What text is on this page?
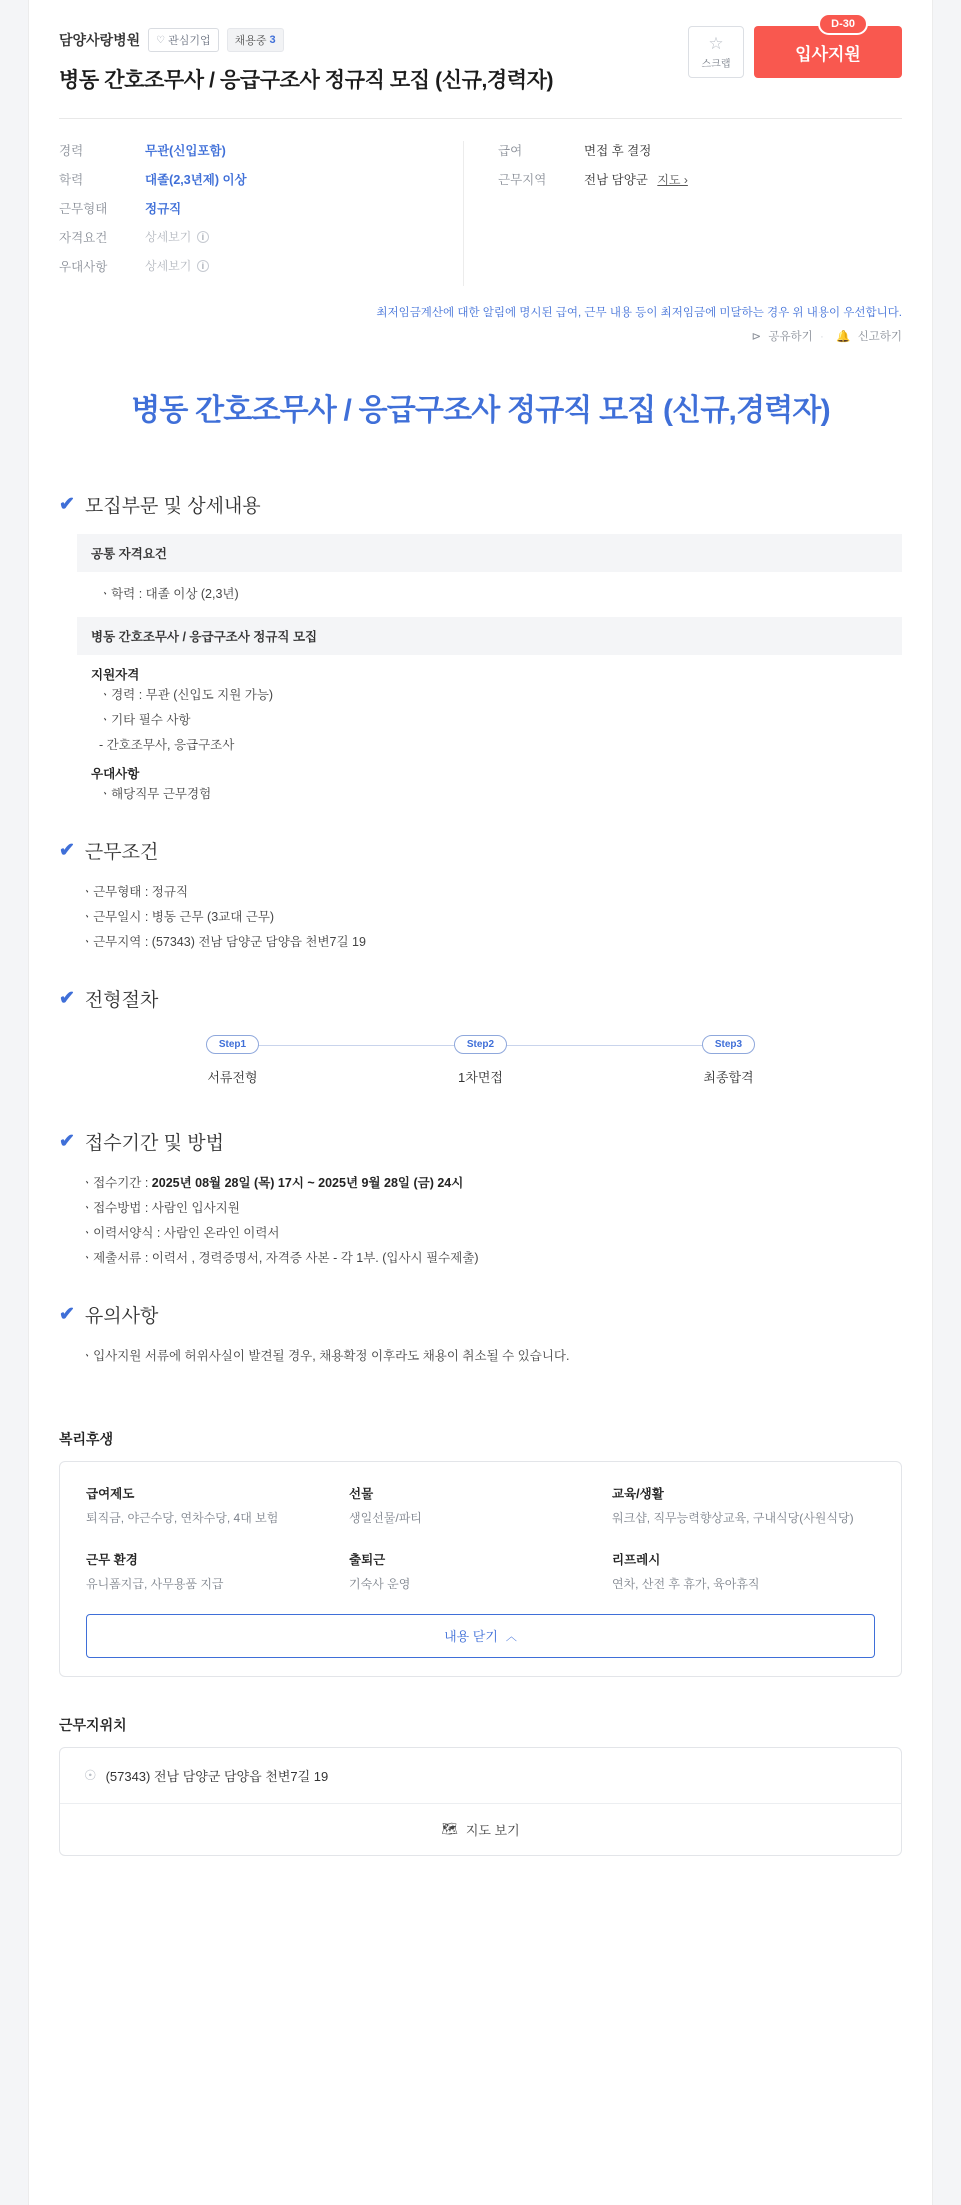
담양사랑병원 ♡ 관심기업 채용중 3
병동 간호조무사 / 응급구조사 정규직 모집 (신규,경력자)
☆
스크랩
입사지원
D-30
경력	무관(신입포함)
학력	대졸(2,3년제) 이상
근무형태	정규직
자격요건	상세보기 i
우대사항	상세보기 i
급여	면접 후 결정
근무지역	전남 담양군 지도 ›
최저임금계산에 대한 알림에 명시된 급여, 근무 내용 등이 최저임금에 미달하는 경우 위 내용이 우선합니다.
⊳ 공유하기 · 🔔 신고하기
병동 간호조무사 / 응급구조사 정규직 모집 (신규,경력자)
✔ 모집부문 및 상세내용
공통 자격요건
ㆍ학력 : 대졸 이상 (2,3년)
병동 간호조무사 / 응급구조사 정규직 모집
지원자격
ㆍ경력 : 무관 (신입도 지원 가능)
ㆍ기타 필수 사항
- 간호조무사, 응급구조사
우대사항
ㆍ해당직무 근무경험
✔ 근무조건
ㆍ근무형태 : 정규직
ㆍ근무일시 : 병동 근무 (3교대 근무)
ㆍ근무지역 : (57343) 전남 담양군 담양읍 천변7길 19
✔ 전형절차
Step1
서류전형
Step2
1차면접
Step3
최종합격
✔ 접수기간 및 방법
ㆍ접수기간 : 2025년 08월 28일 (목) 17시 ~ 2025년 9월 28일 (금) 24시
ㆍ접수방법 : 사람인 입사지원
ㆍ이력서양식 : 사람인 온라인 이력서
ㆍ제출서류 : 이력서 , 경력증명서, 자격증 사본 - 각 1부. (입사시 필수제출)
✔ 유의사항
ㆍ입사지원 서류에 허위사실이 발견될 경우, 채용확정 이후라도 채용이 취소될 수 있습니다.
복리후생
급여제도
퇴직금, 야근수당, 연차수당, 4대 보험
선물
생일선물/파티
교육/생활
워크샵, 직무능력향상교육, 구내식당(사원식당)
근무 환경
유니폼지급, 사무용품 지급
출퇴근
기숙사 운영
리프레시
연차, 산전 후 휴가, 육아휴직
내용 닫기 ︿
근무지위치
☉ (57343) 전남 담양군 담양읍 천변7길 19
🗺 지도 보기
